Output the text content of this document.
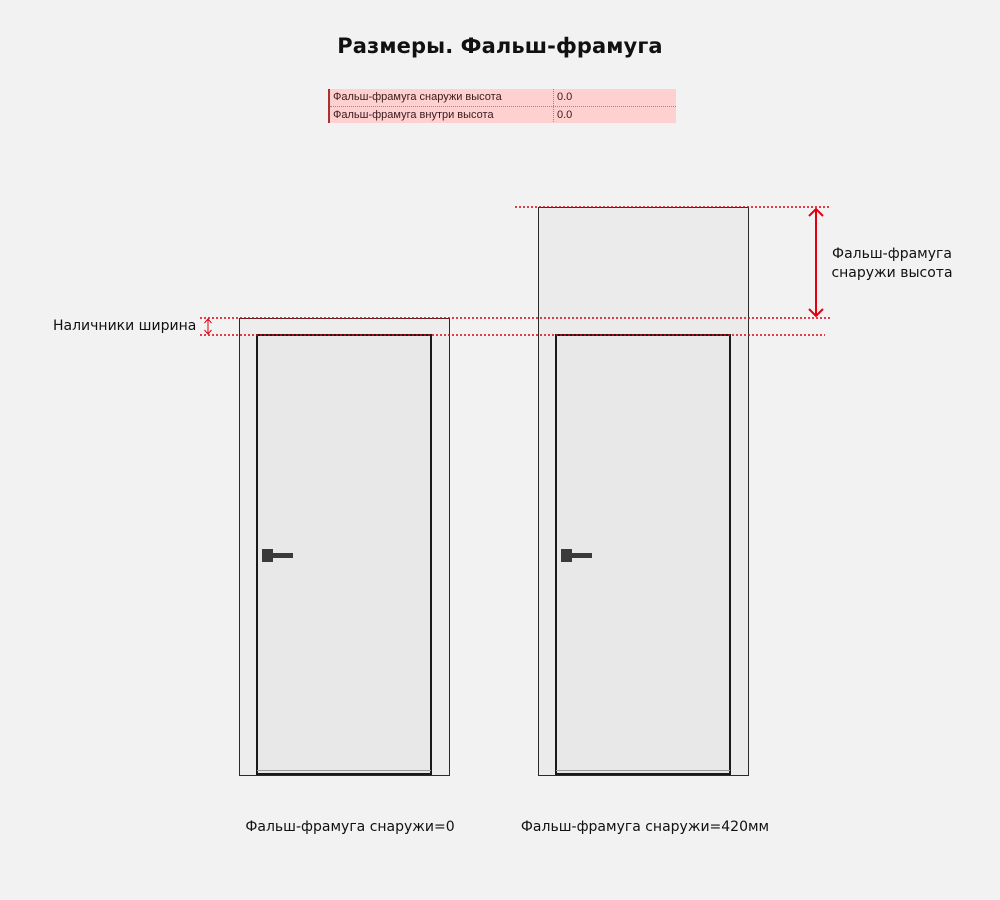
Размеры. Фальш-фрамуга
Фальш-фрамуга снаружи высота	0.0
Фальш-фрамуга внутри высота	0.0
Наличники ширина
Фальш-фрамуга снаружи высота
Фальш-фрамуга снаружи=0	Фальш-фрамуга снаружи=420мм
